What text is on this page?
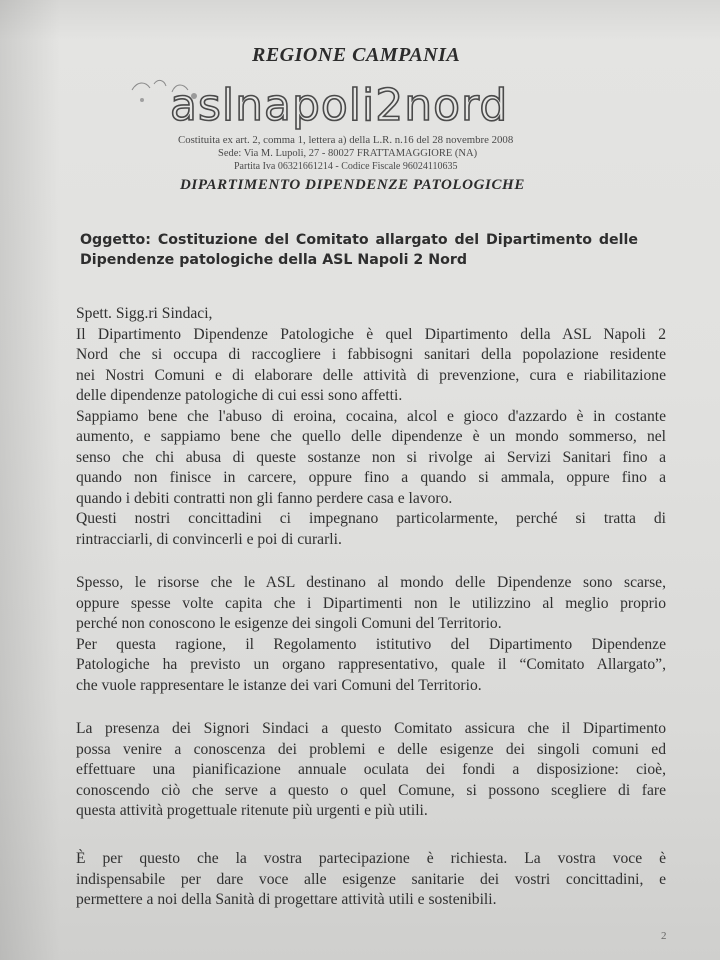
REGIONE CAMPANIA
aslnapoli2nord
Costituita ex art. 2, comma 1, lettera a) della L.R. n.16 del 28 novembre 2008
Sede: Via M. Lupoli, 27 - 80027 FRATTAMAGGIORE (NA)
Partita Iva 06321661214 - Codice Fiscale 96024110635
DIPARTIMENTO DIPENDENZE PATOLOGICHE
Oggetto: Costituzione del Comitato allargato del Dipartimento delle
Dipendenze patologiche della ASL Napoli 2 Nord
Spett. Sigg.ri Sindaci,
Il Dipartimento Dipendenze Patologiche è quel Dipartimento della ASL Napoli 2
Nord che si occupa di raccogliere i fabbisogni sanitari della popolazione residente
nei Nostri Comuni e di elaborare delle attività di prevenzione, cura e riabilitazione
delle dipendenze patologiche di cui essi sono affetti.
Sappiamo bene che l'abuso di eroina, cocaina, alcol e gioco d'azzardo è in costante
aumento, e sappiamo bene che quello delle dipendenze è un mondo sommerso, nel
senso che chi abusa di queste sostanze non si rivolge ai Servizi Sanitari fino a
quando non finisce in carcere, oppure fino a quando si ammala, oppure fino a
quando i debiti contratti non gli fanno perdere casa e lavoro.
Questi nostri concittadini ci impegnano particolarmente, perché si tratta di
rintracciarli, di convincerli e poi di curarli.
Spesso, le risorse che le ASL destinano al mondo delle Dipendenze sono scarse,
oppure spesse volte capita che i Dipartimenti non le utilizzino al meglio proprio
perché non conoscono le esigenze dei singoli Comuni del Territorio.
Per questa ragione, il Regolamento istitutivo del Dipartimento Dipendenze
Patologiche ha previsto un organo rappresentativo, quale il “Comitato Allargato”,
che vuole rappresentare le istanze dei vari Comuni del Territorio.
La presenza dei Signori Sindaci a questo Comitato assicura che il Dipartimento
possa venire a conoscenza dei problemi e delle esigenze dei singoli comuni ed
effettuare una pianificazione annuale oculata dei fondi a disposizione: cioè,
conoscendo ciò che serve a questo o quel Comune, si possono scegliere di fare
questa attività progettuale ritenute più urgenti e più utili.
È per questo che la vostra partecipazione è richiesta. La vostra voce è
indispensabile per dare voce alle esigenze sanitarie dei vostri concittadini, e
permettere a noi della Sanità di progettare attività utili e sostenibili.
2
